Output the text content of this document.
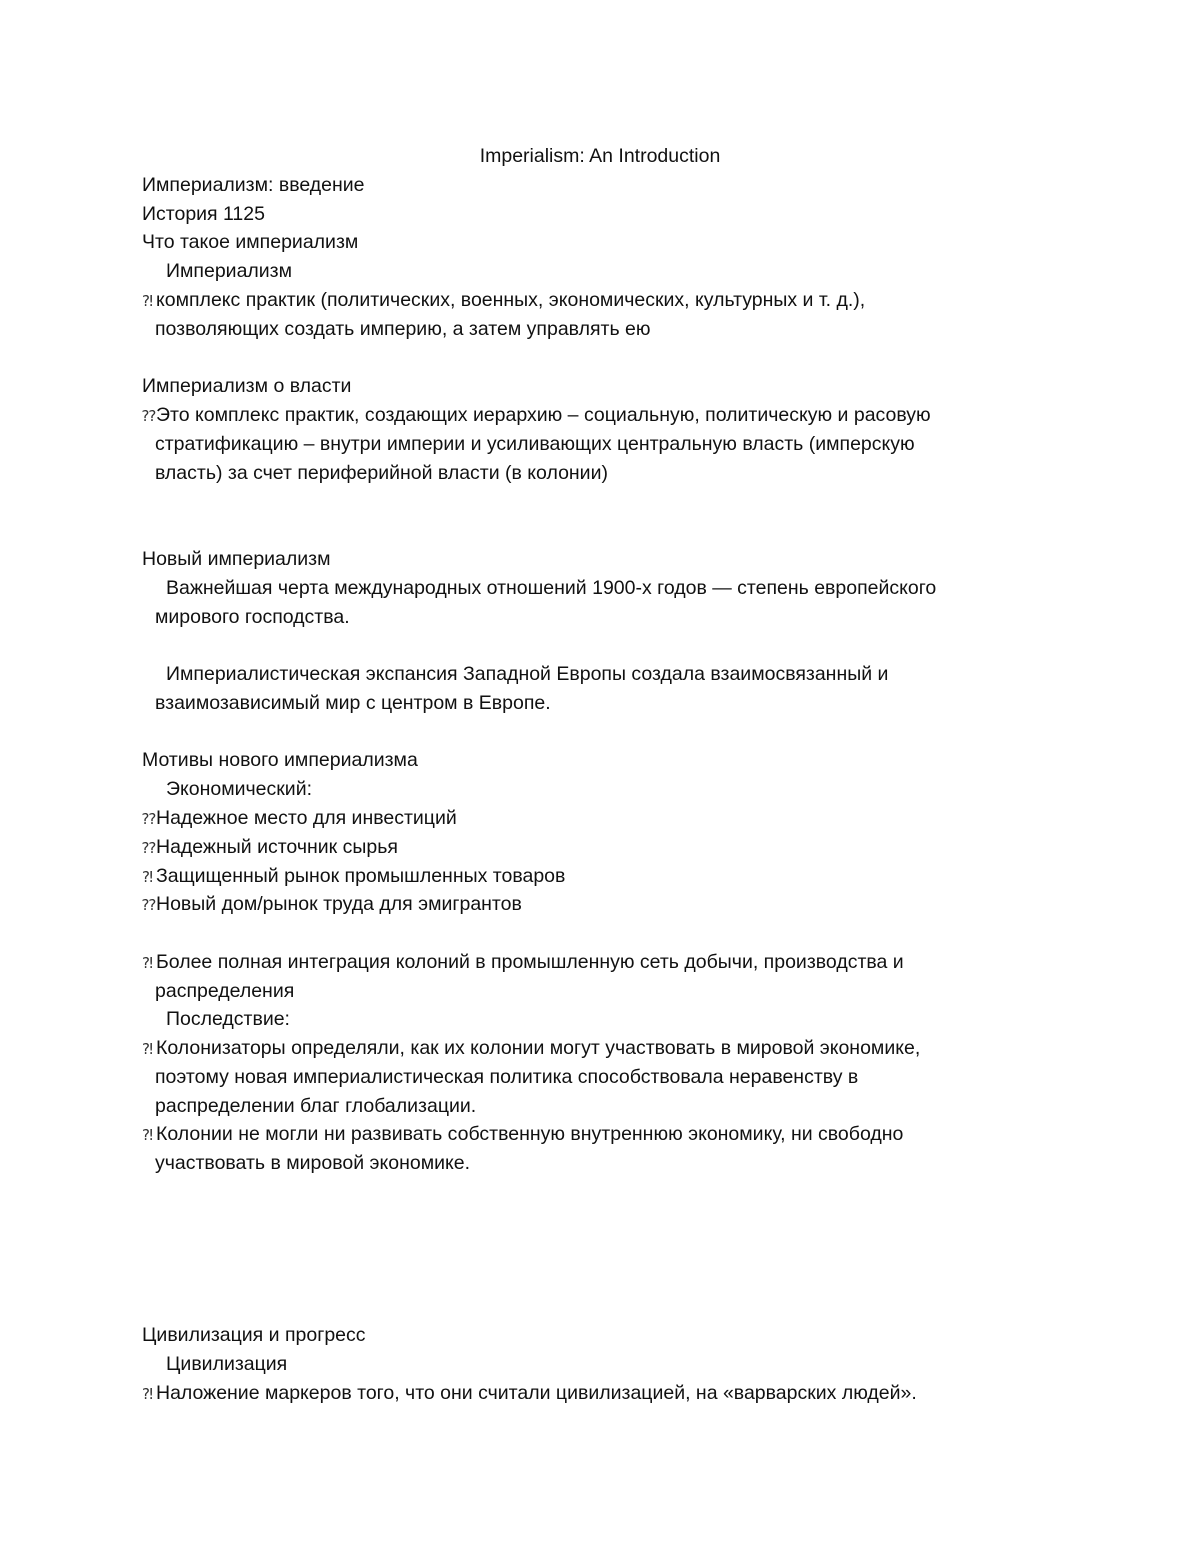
Imperialism: An Introduction
Империализм: введение
История 1125
Что такое империализм
Империализм
⁈ комплекс практик (политических, военных, экономических, культурных и т. д.),
позволяющих создать империю, а затем управлять ею
Империализм о власти
⁇Это комплекс практик, создающих иерархию – социальную, политическую и расовую
стратификацию – внутри империи и усиливающих центральную власть (имперскую
власть) за счет периферийной власти (в колонии)
Новый империализм
Важнейшая черта международных отношений 1900-х годов — степень европейского
мирового господства.
Империалистическая экспансия Западной Европы создала взаимосвязанный и
взаимозависимый мир с центром в Европе.
Мотивы нового империализма
Экономический:
⁇Надежное место для инвестиций
⁇Надежный источник сырья
⁈ Защищенный рынок промышленных товаров
⁇Новый дом/рынок труда для эмигрантов
⁈ Более полная интеграция колоний в промышленную сеть добычи, производства и
распределения
Последствие:
⁈ Колонизаторы определяли, как их колонии могут участвовать в мировой экономике,
поэтому новая империалистическая политика способствовала неравенству в
распределении благ глобализации.
⁈ Колонии не могли ни развивать собственную внутреннюю экономику, ни свободно
участвовать в мировой экономике.
Цивилизация и прогресс
Цивилизация
⁈ Наложение маркеров того, что они считали цивилизацией, на «варварских людей».
